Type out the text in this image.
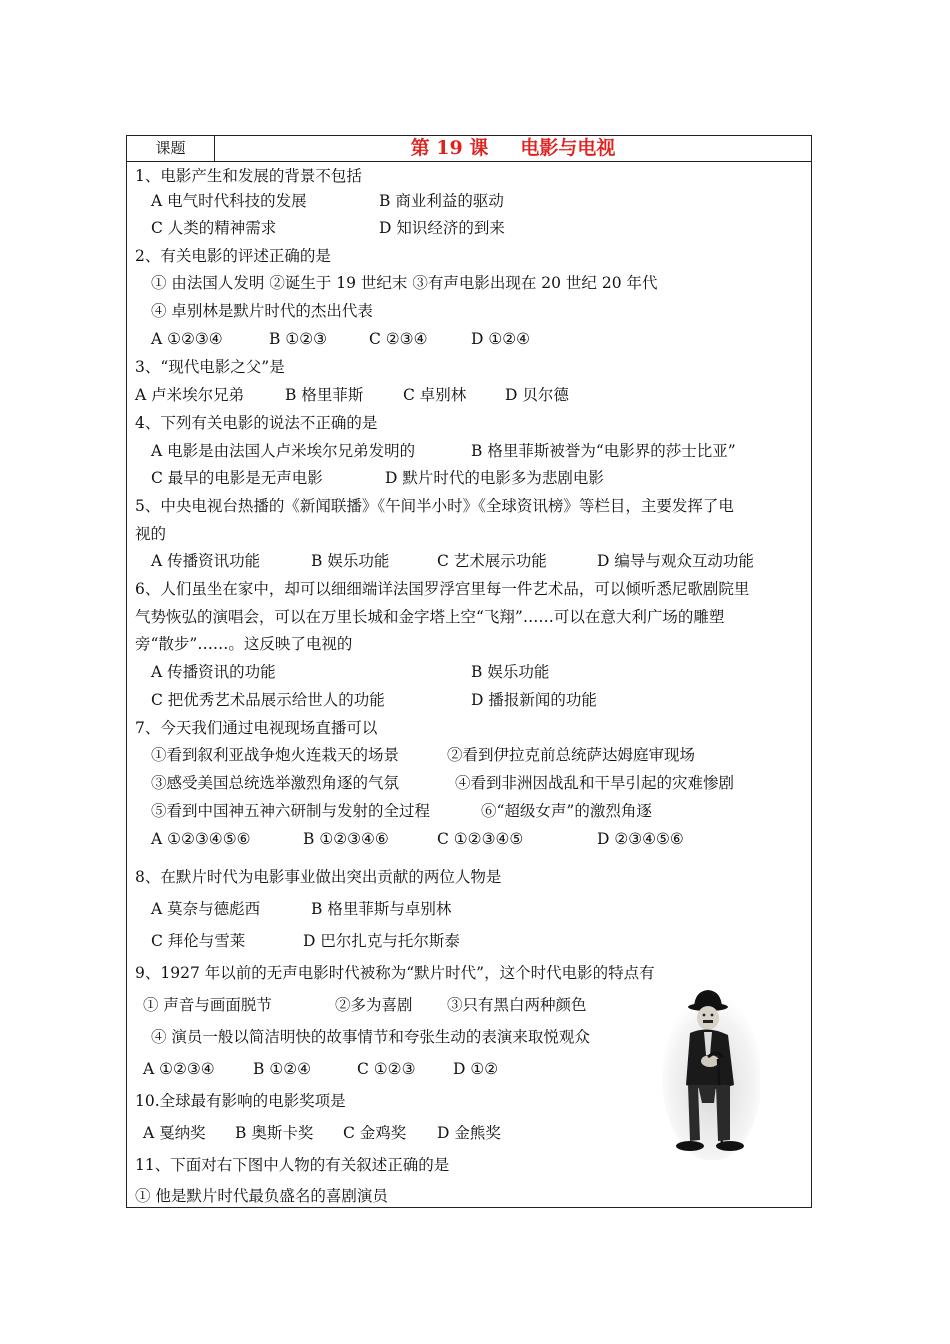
课题	第 19 课 电影与电视
1、电影产生和发展的背景不包括
A 电气时代科技的发展	B 商业利益的驱动
C 人类的精神需求	D 知识经济的到来
2、有关电影的评述正确的是
① 由法国人发明 ②诞生于 19 世纪末 ③有声电影出现在 20 世纪 20 年代
④ 卓别林是默片时代的杰出代表
A ①②③④	B ①②③	C ②③④	D ①②④
3、“现代电影之父”是
A 卢米埃尔兄弟	B 格里菲斯	C 卓别林 D 贝尔德
4、下列有关电影的说法不正确的是
A 电影是由法国人卢米埃尔兄弟发明的	B 格里菲斯被誉为“电影界的莎士比亚”
C 最早的电影是无声电影	D 默片时代的电影多为悲剧电影
5、中央电视台热播的《新闻联播》《午间半小时》《全球资讯榜》等栏目，主要发挥了电
视的
A 传播资讯功能	B 娱乐功能	C 艺术展示功能	D 编导与观众互动功能
6、人们虽坐在家中，却可以细细端详法国罗浮宫里每一件艺术品，可以倾听悉尼歌剧院里
气势恢弘的演唱会，可以在万里长城和金字塔上空“飞翔”……可以在意大利广场的雕塑
旁“散步”……。这反映了电视的
A 传播资讯的功能	B 娱乐功能
C 把优秀艺术品展示给世人的功能	D 播报新闻的功能
7、今天我们通过电视现场直播可以
①看到叙利亚战争炮火连栽天的场景	②看到伊拉克前总统萨达姆庭审现场
③感受美国总统选举激烈角逐的气氛	④看到非洲因战乱和干旱引起的灾难惨剧
⑤看到中国神五神六研制与发射的全过程	⑥“超级女声”的激烈角逐
A ①②③④⑤⑥	B ①②③④⑥	C ①②③④⑤	D ②③④⑤⑥
8、在默片时代为电影事业做出突出贡献的两位人物是
A 莫奈与德彪西	B 格里菲斯与卓别林
C 拜伦与雪莱	D 巴尔扎克与托尔斯泰
9、1927 年以前的无声电影时代被称为“默片时代”，这个时代电影的特点有
① 声音与画面脱节	②多为喜剧 ③只有黑白两种颜色
④ 演员一般以简洁明快的故事情节和夸张生动的表演来取悦观众
A ①②③④ B ①②④	C ①②③ D ①②
10.全球最有影响的电影奖项是
A 戛纳奖 B 奥斯卡奖 C 金鸡奖 D 金熊奖
11、下面对右下图中人物的有关叙述正确的是
① 他是默片时代最负盛名的喜剧演员
